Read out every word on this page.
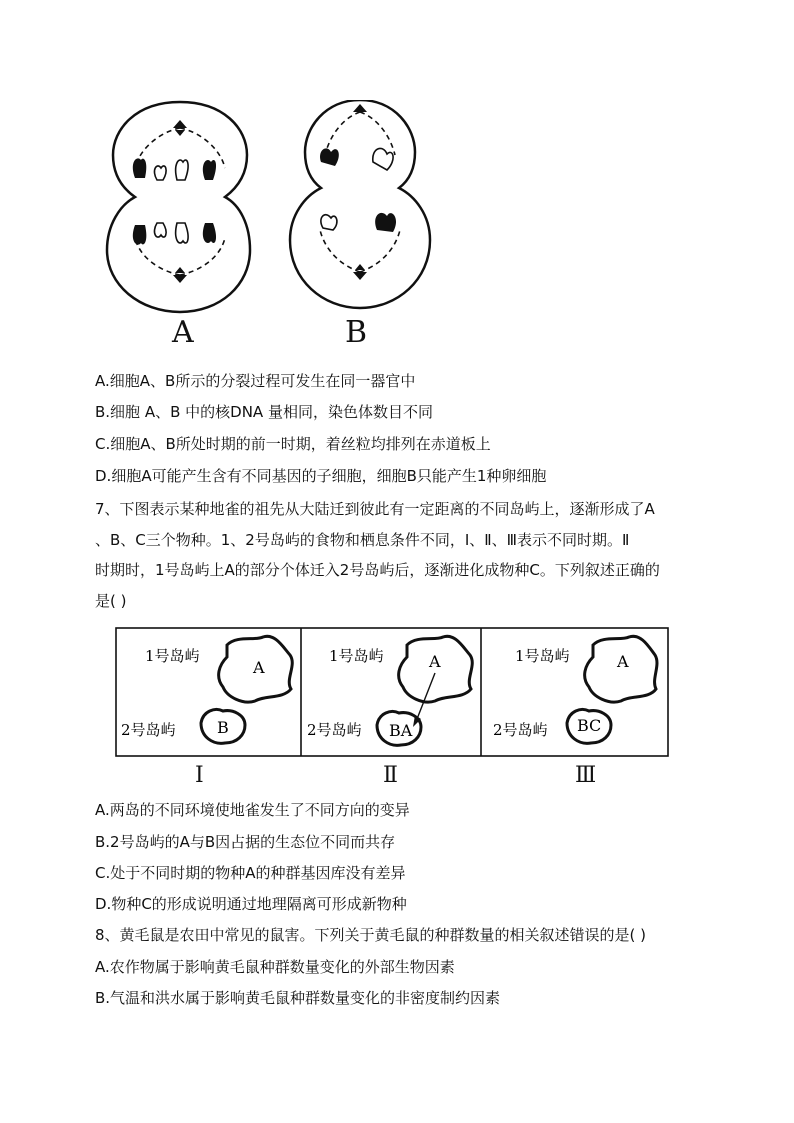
A	B
A.细胞A、B所示的分裂过程可发生在同一器官中
B.细胞 A、B 中的核DNA 量相同，染色体数目不同
C.细胞A、B所处时期的前一时期，着丝粒均排列在赤道板上
D.细胞A可能产生含有不同基因的子细胞，细胞B只能产生1种卵细胞
7、下图表示某种地雀的祖先从大陆迁到彼此有一定距离的不同岛屿上，逐渐形成了A
、B、C三个物种。1、2号岛屿的食物和栖息条件不同，Ⅰ、Ⅱ、Ⅲ表示不同时期。Ⅱ
时期时，1号岛屿上A的部分个体迁入2号岛屿后，逐渐进化成物种C。下列叙述正确的
是( )
1号岛屿
A
2号岛屿	B
1号岛屿	A
2号岛屿 BA
1号岛屿	A
2号岛屿 BC
Ⅰ	Ⅱ	Ⅲ
A.两岛的不同环境使地雀发生了不同方向的变异
B.2号岛屿的A与B因占据的生态位不同而共存
C.处于不同时期的物种A的种群基因库没有差异
D.物种C的形成说明通过地理隔离可形成新物种
8、黄毛鼠是农田中常见的鼠害。下列关于黄毛鼠的种群数量的相关叙述错误的是( )
A.农作物属于影响黄毛鼠种群数量变化的外部生物因素
B.气温和洪水属于影响黄毛鼠种群数量变化的非密度制约因素
